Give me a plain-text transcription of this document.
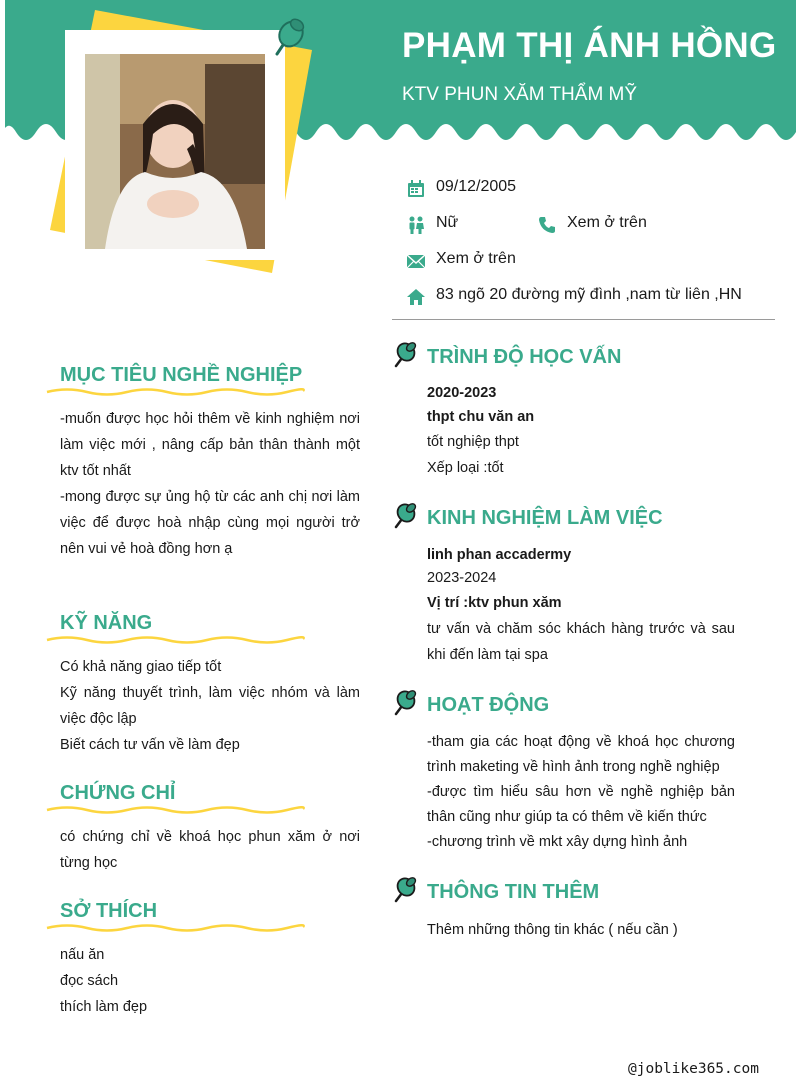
PHẠM THỊ ÁNH HỒNG
KTV PHUN XĂM THẨM MỸ
09/12/2005
Nữ	Xem ở trên
Xem ở trên
83 ngõ 20 đường mỹ đình ,nam từ liên ,HN
MỤC TIÊU NGHỀ NGHIỆP
-muốn được học hỏi thêm về kinh nghiệm nơi làm việc mới , nâng cấp bản thân thành một ktv tốt nhất
-mong được sự ủng hộ từ các anh chị nơi làm việc để được hoà nhập cùng mọi người trở nên vui vẻ hoà đồng hơn ạ
KỸ NĂNG
Có khả năng giao tiếp tốt
Kỹ năng thuyết trình, làm việc nhóm và làm việc độc lập
Biết cách tư vấn về làm đẹp
CHỨNG CHỈ
có chứng chỉ về khoá học phun xăm ở nơi từng học
SỞ THÍCH
nấu ăn
đọc sách
thích làm đẹp
TRÌNH ĐỘ HỌC VẤN
2020-2023
thpt chu văn an
tốt nghiệp thpt
Xếp loại :tốt
KINH NGHIỆM LÀM VIỆC
linh phan accadermy
2023-2024
Vị trí :ktv phun xăm
tư vấn và chăm sóc khách hàng trước và sau khi đến làm tại spa
HOẠT ĐỘNG
-tham gia các hoạt động về khoá học chương trình maketing về hình ảnh trong nghề nghiệp
-được tìm hiểu sâu hơn về nghề nghiệp bản thân cũng như giúp ta có thêm về kiến thức
-chương trình về mkt xây dựng hình ảnh
THÔNG TIN THÊM
Thêm những thông tin khác ( nếu cần )
@joblike365.com
